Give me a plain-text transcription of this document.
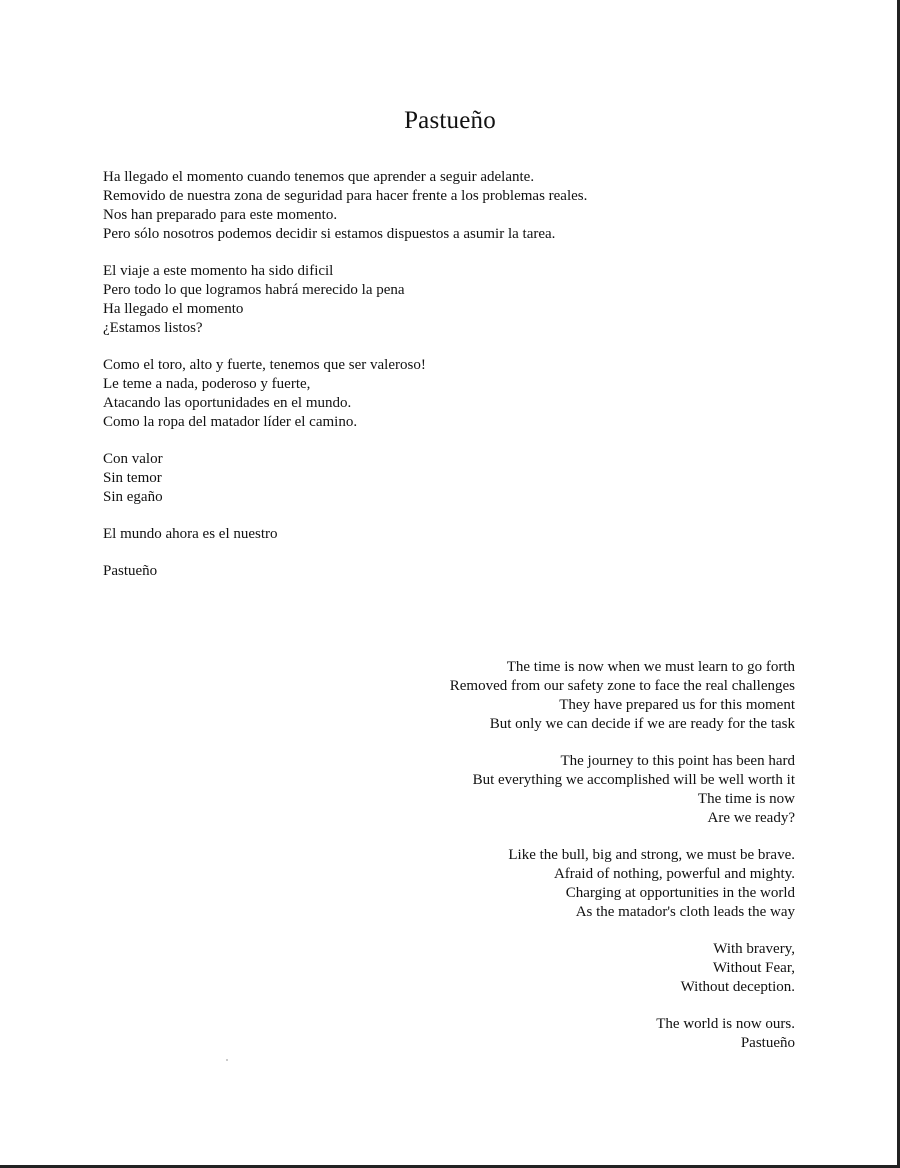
Pastueño
Ha llegado el momento cuando tenemos que aprender a seguir adelante.
Removido de nuestra zona de seguridad para hacer frente a los problemas reales.
Nos han preparado para este momento.
Pero sólo nosotros podemos decidir si estamos dispuestos a asumir la tarea.
El viaje a este momento ha sido dificil
Pero todo lo que logramos habrá merecido la pena
Ha llegado el momento
¿Estamos listos?
Como el toro, alto y fuerte, tenemos que ser valeroso!
Le teme a nada, poderoso y fuerte,
Atacando las oportunidades en el mundo.
Como la ropa del matador líder el camino.
Con valor
Sin temor
Sin egaño
El mundo ahora es el nuestro
Pastueño
The time is now when we must learn to go forth
Removed from our safety zone to face the real challenges
They have prepared us for this moment
But only we can decide if we are ready for the task
The journey to this point has been hard
But everything we accomplished will be well worth it
The time is now
Are we ready?
Like the bull, big and strong, we must be brave.
Afraid of nothing, powerful and mighty.
Charging at opportunities in the world
As the matador's cloth leads the way
With bravery,
Without Fear,
Without deception.
The world is now ours.
Pastueño
